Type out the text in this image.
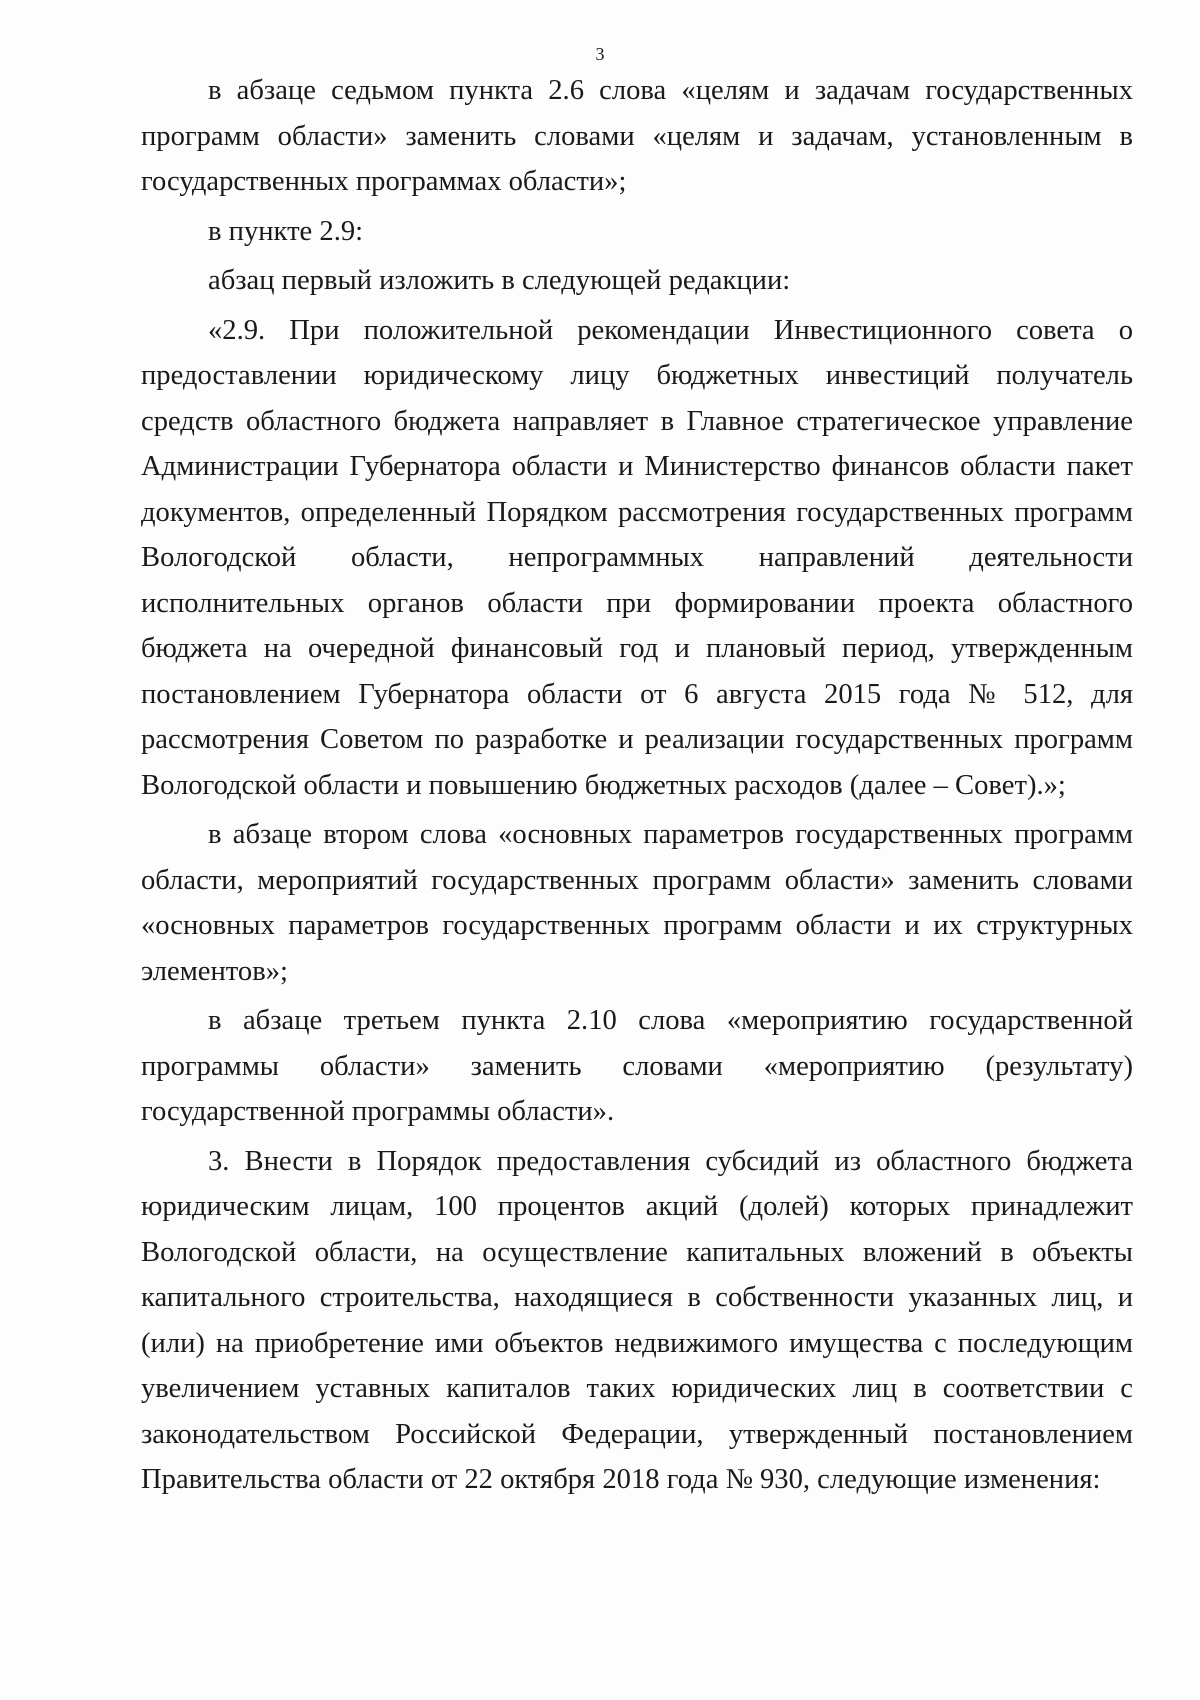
3

в абзаце седьмом пункта 2.6 слова «целям и задачам государственных программ области» заменить словами «целям и задачам, установленным в государственных программах области»;

в пункте 2.9:

абзац первый изложить в следующей редакции:

«2.9. При положительной рекомендации Инвестиционного совета о предоставлении юридическому лицу бюджетных инвестиций получатель средств областного бюджета направляет в Главное стратегическое управление Администрации Губернатора области и Министерство финансов области пакет документов, определенный Порядком рассмотрения государственных программ Вологодской области, непрограммных направлений деятельности исполнительных органов области при формировании проекта областного бюджета на очередной финансовый год и плановый период, утвержденным постановлением Губернатора области от 6 августа 2015 года № 512, для рассмотрения Советом по разработке и реализации государственных программ Вологодской области и повышению бюджетных расходов (далее – Совет).»;

в абзаце втором слова «основных параметров государственных программ области, мероприятий государственных программ области» заменить словами «основных параметров государственных программ области и их структурных элементов»;

в абзаце третьем пункта 2.10 слова «мероприятию государственной программы области» заменить словами «мероприятию (результату) государственной программы области».

3. Внести в Порядок предоставления субсидий из областного бюджета юридическим лицам, 100 процентов акций (долей) которых принадлежит Вологодской области, на осуществление капитальных вложений в объекты капитального строительства, находящиеся в собственности указанных лиц, и (или) на приобретение ими объектов недвижимого имущества с последующим увеличением уставных капиталов таких юридических лиц в соответствии с законодательством Российской Федерации, утвержденный постановлением Правительства области от 22 октября 2018 года № 930, следующие изменения:
